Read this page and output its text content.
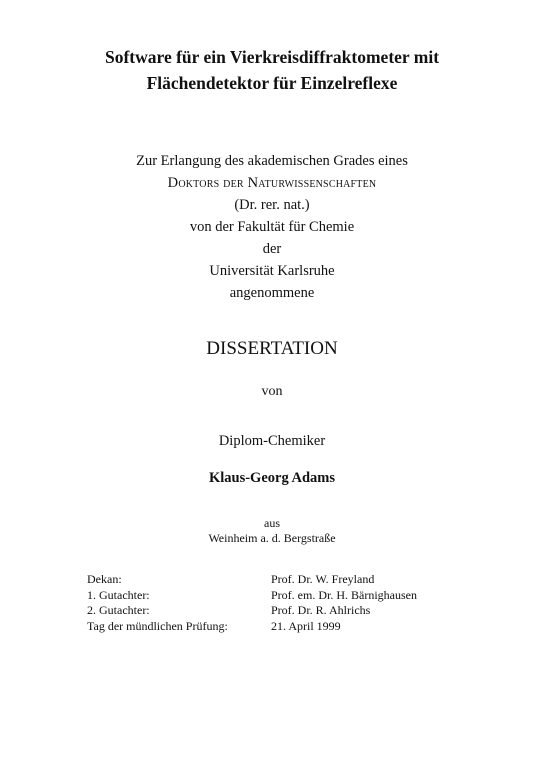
Software für ein Vierkreisdiffraktometer mit
Flächendetektor für Einzelreflexe
Zur Erlangung des akademischen Grades eines
Doktors der Naturwissenschaften
(Dr. rer. nat.)
von der Fakultät für Chemie
der
Universität Karlsruhe
angenommene
DISSERTATION
von
Diplom-Chemiker
Klaus-Georg Adams
aus
Weinheim a. d. Bergstraße
Dekan:	Prof. Dr. W. Freyland
1. Gutachter:	Prof. em. Dr. H. Bärnighausen
2. Gutachter:	Prof. Dr. R. Ahlrichs
Tag der mündlichen Prüfung:	21. April 1999
